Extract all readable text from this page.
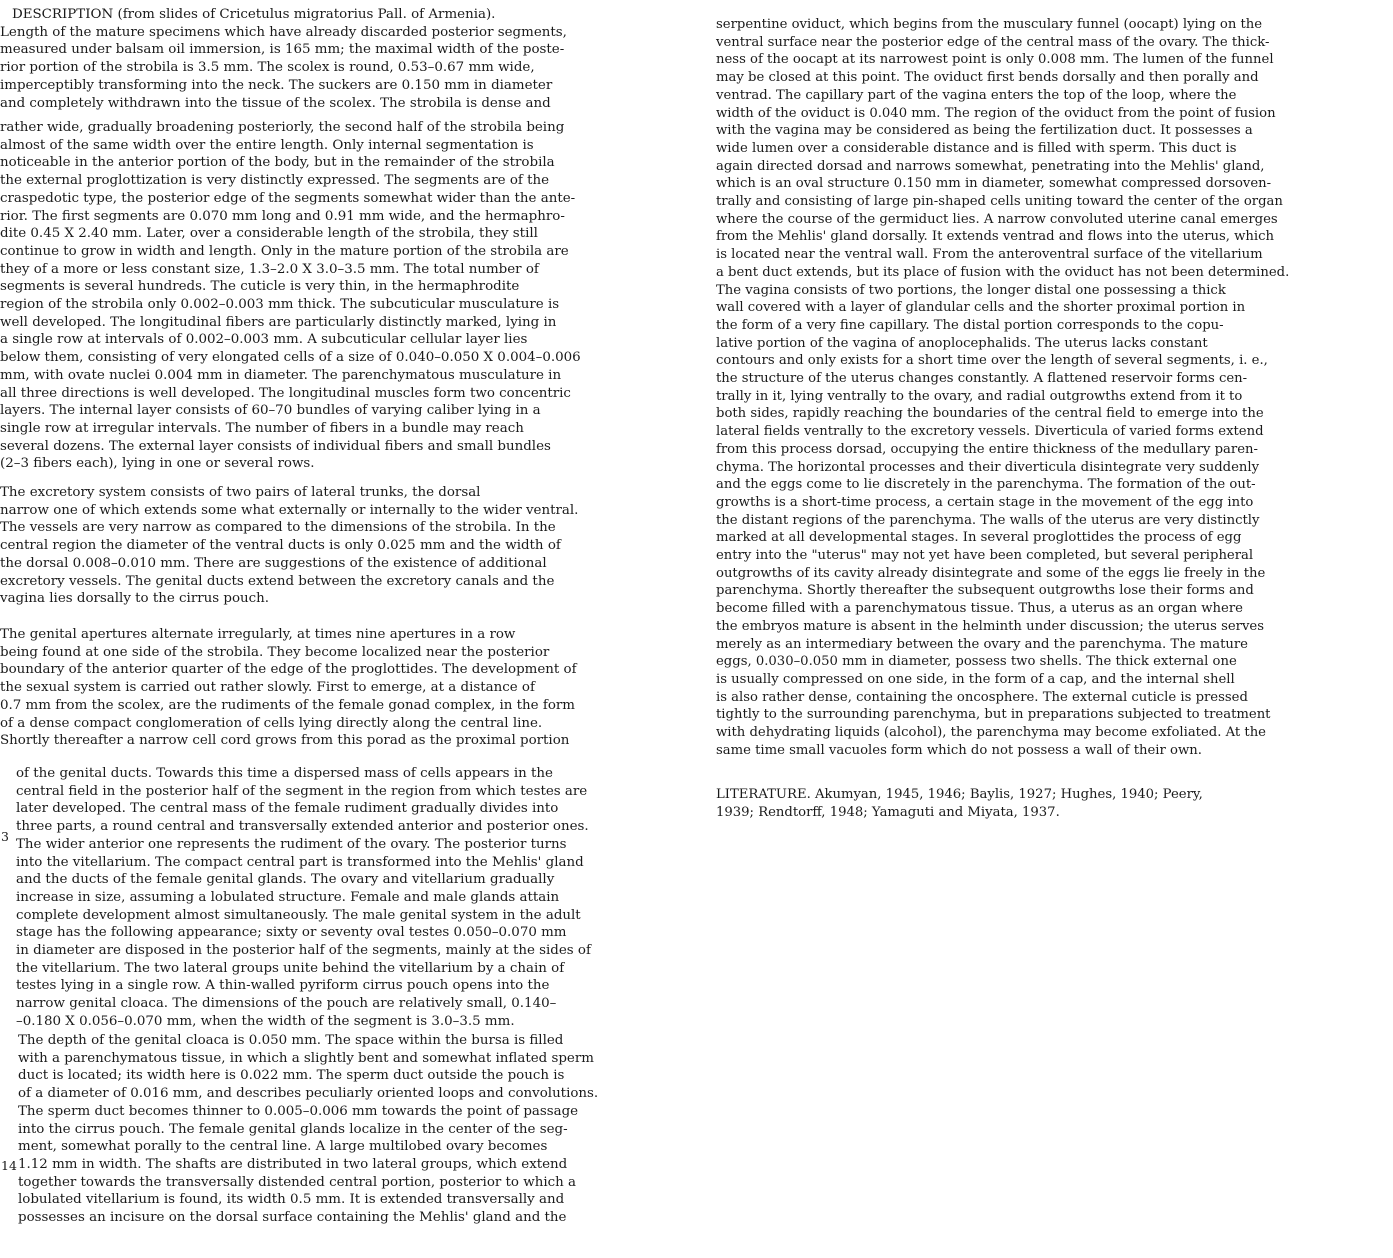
DESCRIPTION (from slides of Cricetulus migratorius Pall. of Armenia).
Length of the mature specimens which have already discarded posterior segments,
measured under balsam oil immersion, is 165 mm; the maximal width of the poste-
rior portion of the strobila is 3.5 mm. The scolex is round, 0.53–0.67 mm wide,
imperceptibly transforming into the neck. The suckers are 0.150 mm in diameter
and completely withdrawn into the tissue of the scolex. The strobila is dense and
rather wide, gradually broadening posteriorly, the second half of the strobila being
almost of the same width over the entire length. Only internal segmentation is
noticeable in the anterior portion of the body, but in the remainder of the strobila
the external proglottization is very distinctly expressed. The segments are of the
craspedotic type, the posterior edge of the segments somewhat wider than the ante-
rior. The first segments are 0.070 mm long and 0.91 mm wide, and the hermaphro-
dite 0.45 X 2.40 mm. Later, over a considerable length of the strobila, they still
continue to grow in width and length. Only in the mature portion of the strobila are
they of a more or less constant size, 1.3–2.0 X 3.0–3.5 mm. The total number of
segments is several hundreds. The cuticle is very thin, in the hermaphrodite
region of the strobila only 0.002–0.003 mm thick. The subcuticular musculature is
well developed. The longitudinal fibers are particularly distinctly marked, lying in
a single row at intervals of 0.002–0.003 mm. A subcuticular cellular layer lies
below them, consisting of very elongated cells of a size of 0.040–0.050 X 0.004–0.006
mm, with ovate nuclei 0.004 mm in diameter. The parenchymatous musculature in
all three directions is well developed. The longitudinal muscles form two concentric
layers. The internal layer consists of 60–70 bundles of varying caliber lying in a
single row at irregular intervals. The number of fibers in a bundle may reach
several dozens. The external layer consists of individual fibers and small bundles
(2–3 fibers each), lying in one or several rows.
The excretory system consists of two pairs of lateral trunks, the dorsal
narrow one of which extends some what externally or internally to the wider ventral.
The vessels are very narrow as compared to the dimensions of the strobila. In the
central region the diameter of the ventral ducts is only 0.025 mm and the width of
the dorsal 0.008–0.010 mm. There are suggestions of the existence of additional
excretory vessels. The genital ducts extend between the excretory canals and the
vagina lies dorsally to the cirrus pouch.
The genital apertures alternate irregularly, at times nine apertures in a row
being found at one side of the strobila. They become localized near the posterior
boundary of the anterior quarter of the edge of the proglottides. The development of
the sexual system is carried out rather slowly. First to emerge, at a distance of
0.7 mm from the scolex, are the rudiments of the female gonad complex, in the form
of a dense compact conglomeration of cells lying directly along the central line.
Shortly thereafter a narrow cell cord grows from this porad as the proximal portion
of the genital ducts. Towards this time a dispersed mass of cells appears in the
central field in the posterior half of the segment in the region from which testes are
later developed. The central mass of the female rudiment gradually divides into
three parts, a round central and transversally extended anterior and posterior ones.
The wider anterior one represents the rudiment of the ovary. The posterior turns
into the vitellarium. The compact central part is transformed into the Mehlis' gland
and the ducts of the female genital glands. The ovary and vitellarium gradually
increase in size, assuming a lobulated structure. Female and male glands attain
complete development almost simultaneously. The male genital system in the adult
stage has the following appearance; sixty or seventy oval testes 0.050–0.070 mm
in diameter are disposed in the posterior half of the segments, mainly at the sides of
the vitellarium. The two lateral groups unite behind the vitellarium by a chain of
testes lying in a single row. A thin-walled pyriform cirrus pouch opens into the
narrow genital cloaca. The dimensions of the pouch are relatively small, 0.140–
–0.180 X 0.056–0.070 mm, when the width of the segment is 3.0–3.5 mm.
The depth of the genital cloaca is 0.050 mm. The space within the bursa is filled
with a parenchymatous tissue, in which a slightly bent and somewhat inflated sperm
duct is located; its width here is 0.022 mm. The sperm duct outside the pouch is
of a diameter of 0.016 mm, and describes peculiarly oriented loops and convolutions.
The sperm duct becomes thinner to 0.005–0.006 mm towards the point of passage
into the cirrus pouch. The female genital glands localize in the center of the seg-
ment, somewhat porally to the central line. A large multilobed ovary becomes
1.12 mm in width. The shafts are distributed in two lateral groups, which extend
together towards the transversally distended central portion, posterior to which a
lobulated vitellarium is found, its width 0.5 mm. It is extended transversally and
possesses an incisure on the dorsal surface containing the Mehlis' gland and the
3
14
serpentine oviduct, which begins from the musculary funnel (oocapt) lying on the
ventral surface near the posterior edge of the central mass of the ovary. The thick-
ness of the oocapt at its narrowest point is only 0.008 mm. The lumen of the funnel
may be closed at this point. The oviduct first bends dorsally and then porally and
ventrad. The capillary part of the vagina enters the top of the loop, where the
width of the oviduct is 0.040 mm. The region of the oviduct from the point of fusion
with the vagina may be considered as being the fertilization duct. It possesses a
wide lumen over a considerable distance and is filled with sperm. This duct is
again directed dorsad and narrows somewhat, penetrating into the Mehlis' gland,
which is an oval structure 0.150 mm in diameter, somewhat compressed dorsoven-
trally and consisting of large pin-shaped cells uniting toward the center of the organ
where the course of the germiduct lies. A narrow convoluted uterine canal emerges
from the Mehlis' gland dorsally. It extends ventrad and flows into the uterus, which
is located near the ventral wall. From the anteroventral surface of the vitellarium
a bent duct extends, but its place of fusion with the oviduct has not been determined.
The vagina consists of two portions, the longer distal one possessing a thick
wall covered with a layer of glandular cells and the shorter proximal portion in
the form of a very fine capillary. The distal portion corresponds to the copu-
lative portion of the vagina of anoplocephalids. The uterus lacks constant
contours and only exists for a short time over the length of several segments, i. e.,
the structure of the uterus changes constantly. A flattened reservoir forms cen-
trally in it, lying ventrally to the ovary, and radial outgrowths extend from it to
both sides, rapidly reaching the boundaries of the central field to emerge into the
lateral fields ventrally to the excretory vessels. Diverticula of varied forms extend
from this process dorsad, occupying the entire thickness of the medullary paren-
chyma. The horizontal processes and their diverticula disintegrate very suddenly
and the eggs come to lie discretely in the parenchyma. The formation of the out-
growths is a short-time process, a certain stage in the movement of the egg into
the distant regions of the parenchyma. The walls of the uterus are very distinctly
marked at all developmental stages. In several proglottides the process of egg
entry into the "uterus" may not yet have been completed, but several peripheral
outgrowths of its cavity already disintegrate and some of the eggs lie freely in the
parenchyma. Shortly thereafter the subsequent outgrowths lose their forms and
become filled with a parenchymatous tissue. Thus, a uterus as an organ where
the embryos mature is absent in the helminth under discussion; the uterus serves
merely as an intermediary between the ovary and the parenchyma. The mature
eggs, 0.030–0.050 mm in diameter, possess two shells. The thick external one
is usually compressed on one side, in the form of a cap, and the internal shell
is also rather dense, containing the oncosphere. The external cuticle is pressed
tightly to the surrounding parenchyma, but in preparations subjected to treatment
with dehydrating liquids (alcohol), the parenchyma may become exfoliated. At the
same time small vacuoles form which do not possess a wall of their own.
LITERATURE. Akumyan, 1945, 1946; Baylis, 1927; Hughes, 1940; Peery,
1939; Rendtorff, 1948; Yamaguti and Miyata, 1937.
